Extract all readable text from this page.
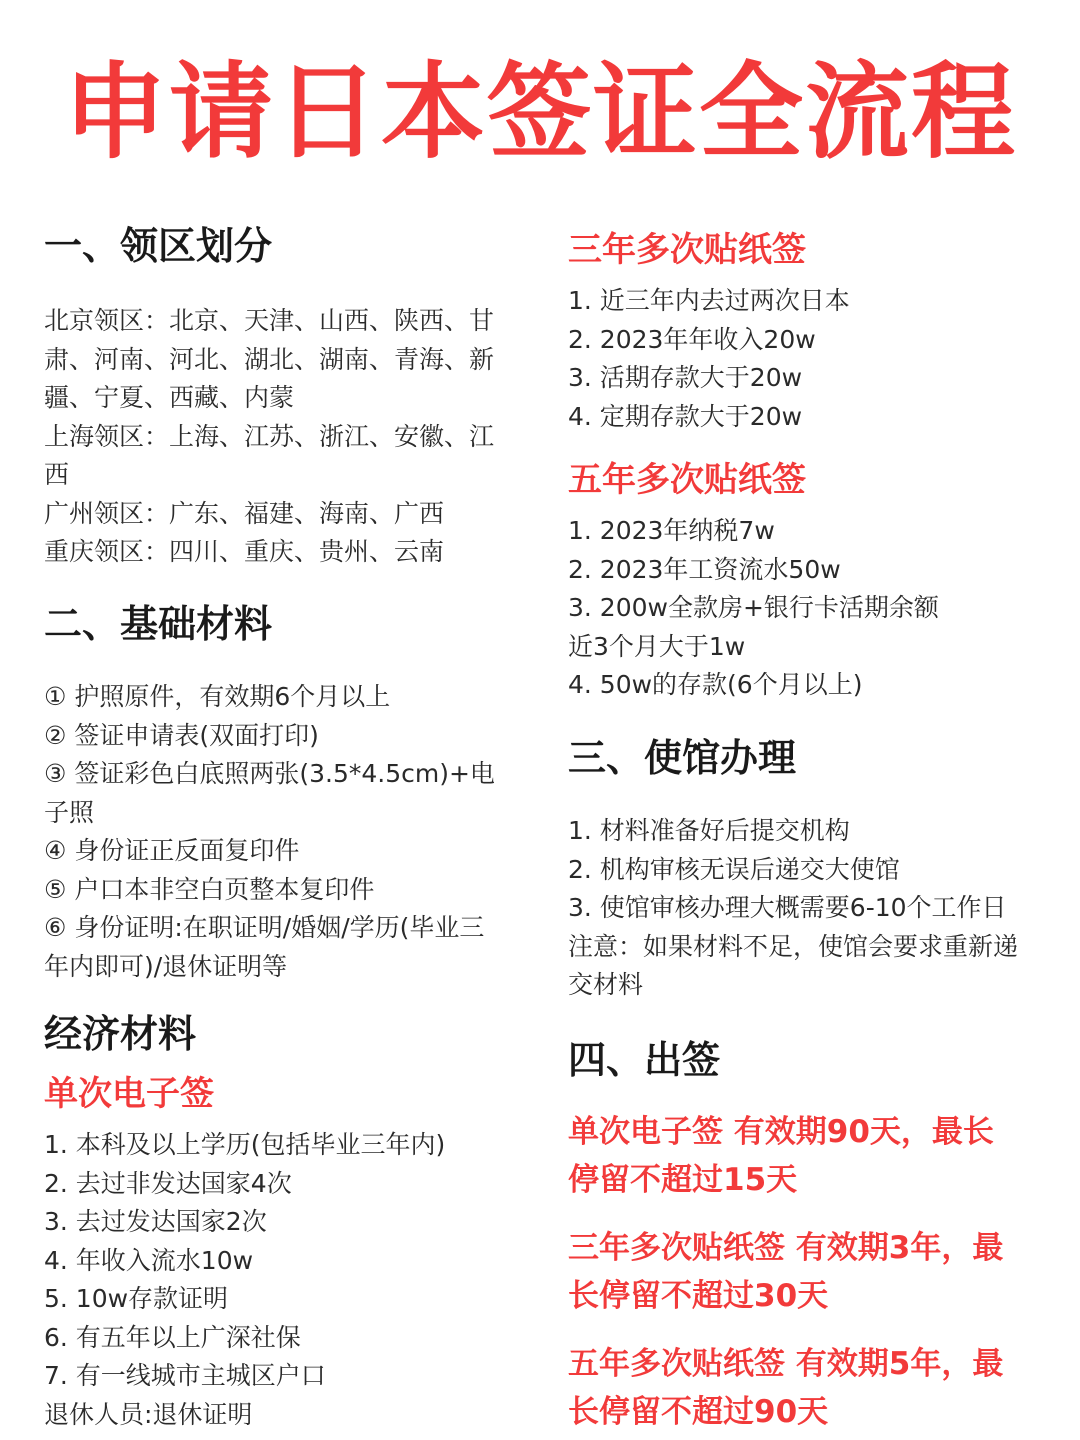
申请日本签证全流程
一、领区划分
北京领区：北京、天津、山西、陕西、甘
肃、河南、河北、湖北、湖南、青海、新
疆、宁夏、西藏、内蒙
上海领区：上海、江苏、浙江、安徽、江
西
广州领区：广东、福建、海南、广西
重庆领区：四川、重庆、贵州、云南
二、基础材料
① 护照原件，有效期6个月以上
② 签证申请表(双面打印)
③ 签证彩色白底照两张(3.5*4.5cm)+电
子照
④ 身份证正反面复印件
⑤ 户口本非空白页整本复印件
⑥ 身份证明:在职证明/婚姻/学历(毕业三
年内即可)/退休证明等
经济材料
单次电子签
1. 本科及以上学历(包括毕业三年内)
2. 去过非发达国家4次
3. 去过发达国家2次
4. 年收入流水10w
5. 10w存款证明
6. 有五年以上广深社保
7. 有一线城市主城区户口
退休人员:退休证明
三年多次贴纸签
1. 近三年内去过两次日本
2. 2023年年收入20w
3. 活期存款大于20w
4. 定期存款大于20w
五年多次贴纸签
1. 2023年纳税7w
2. 2023年工资流水50w
3. 200w全款房+银行卡活期余额
近3个月大于1w
4. 50w的存款(6个月以上)
三、使馆办理
1. 材料准备好后提交机构
2. 机构审核无误后递交大使馆
3. 使馆审核办理大概需要6-10个工作日
注意：如果材料不足，使馆会要求重新递
交材料
四、出签
单次电子签 有效期90天，最长
停留不超过15天
三年多次贴纸签 有效期3年，最
长停留不超过30天
五年多次贴纸签 有效期5年，最
长停留不超过90天
